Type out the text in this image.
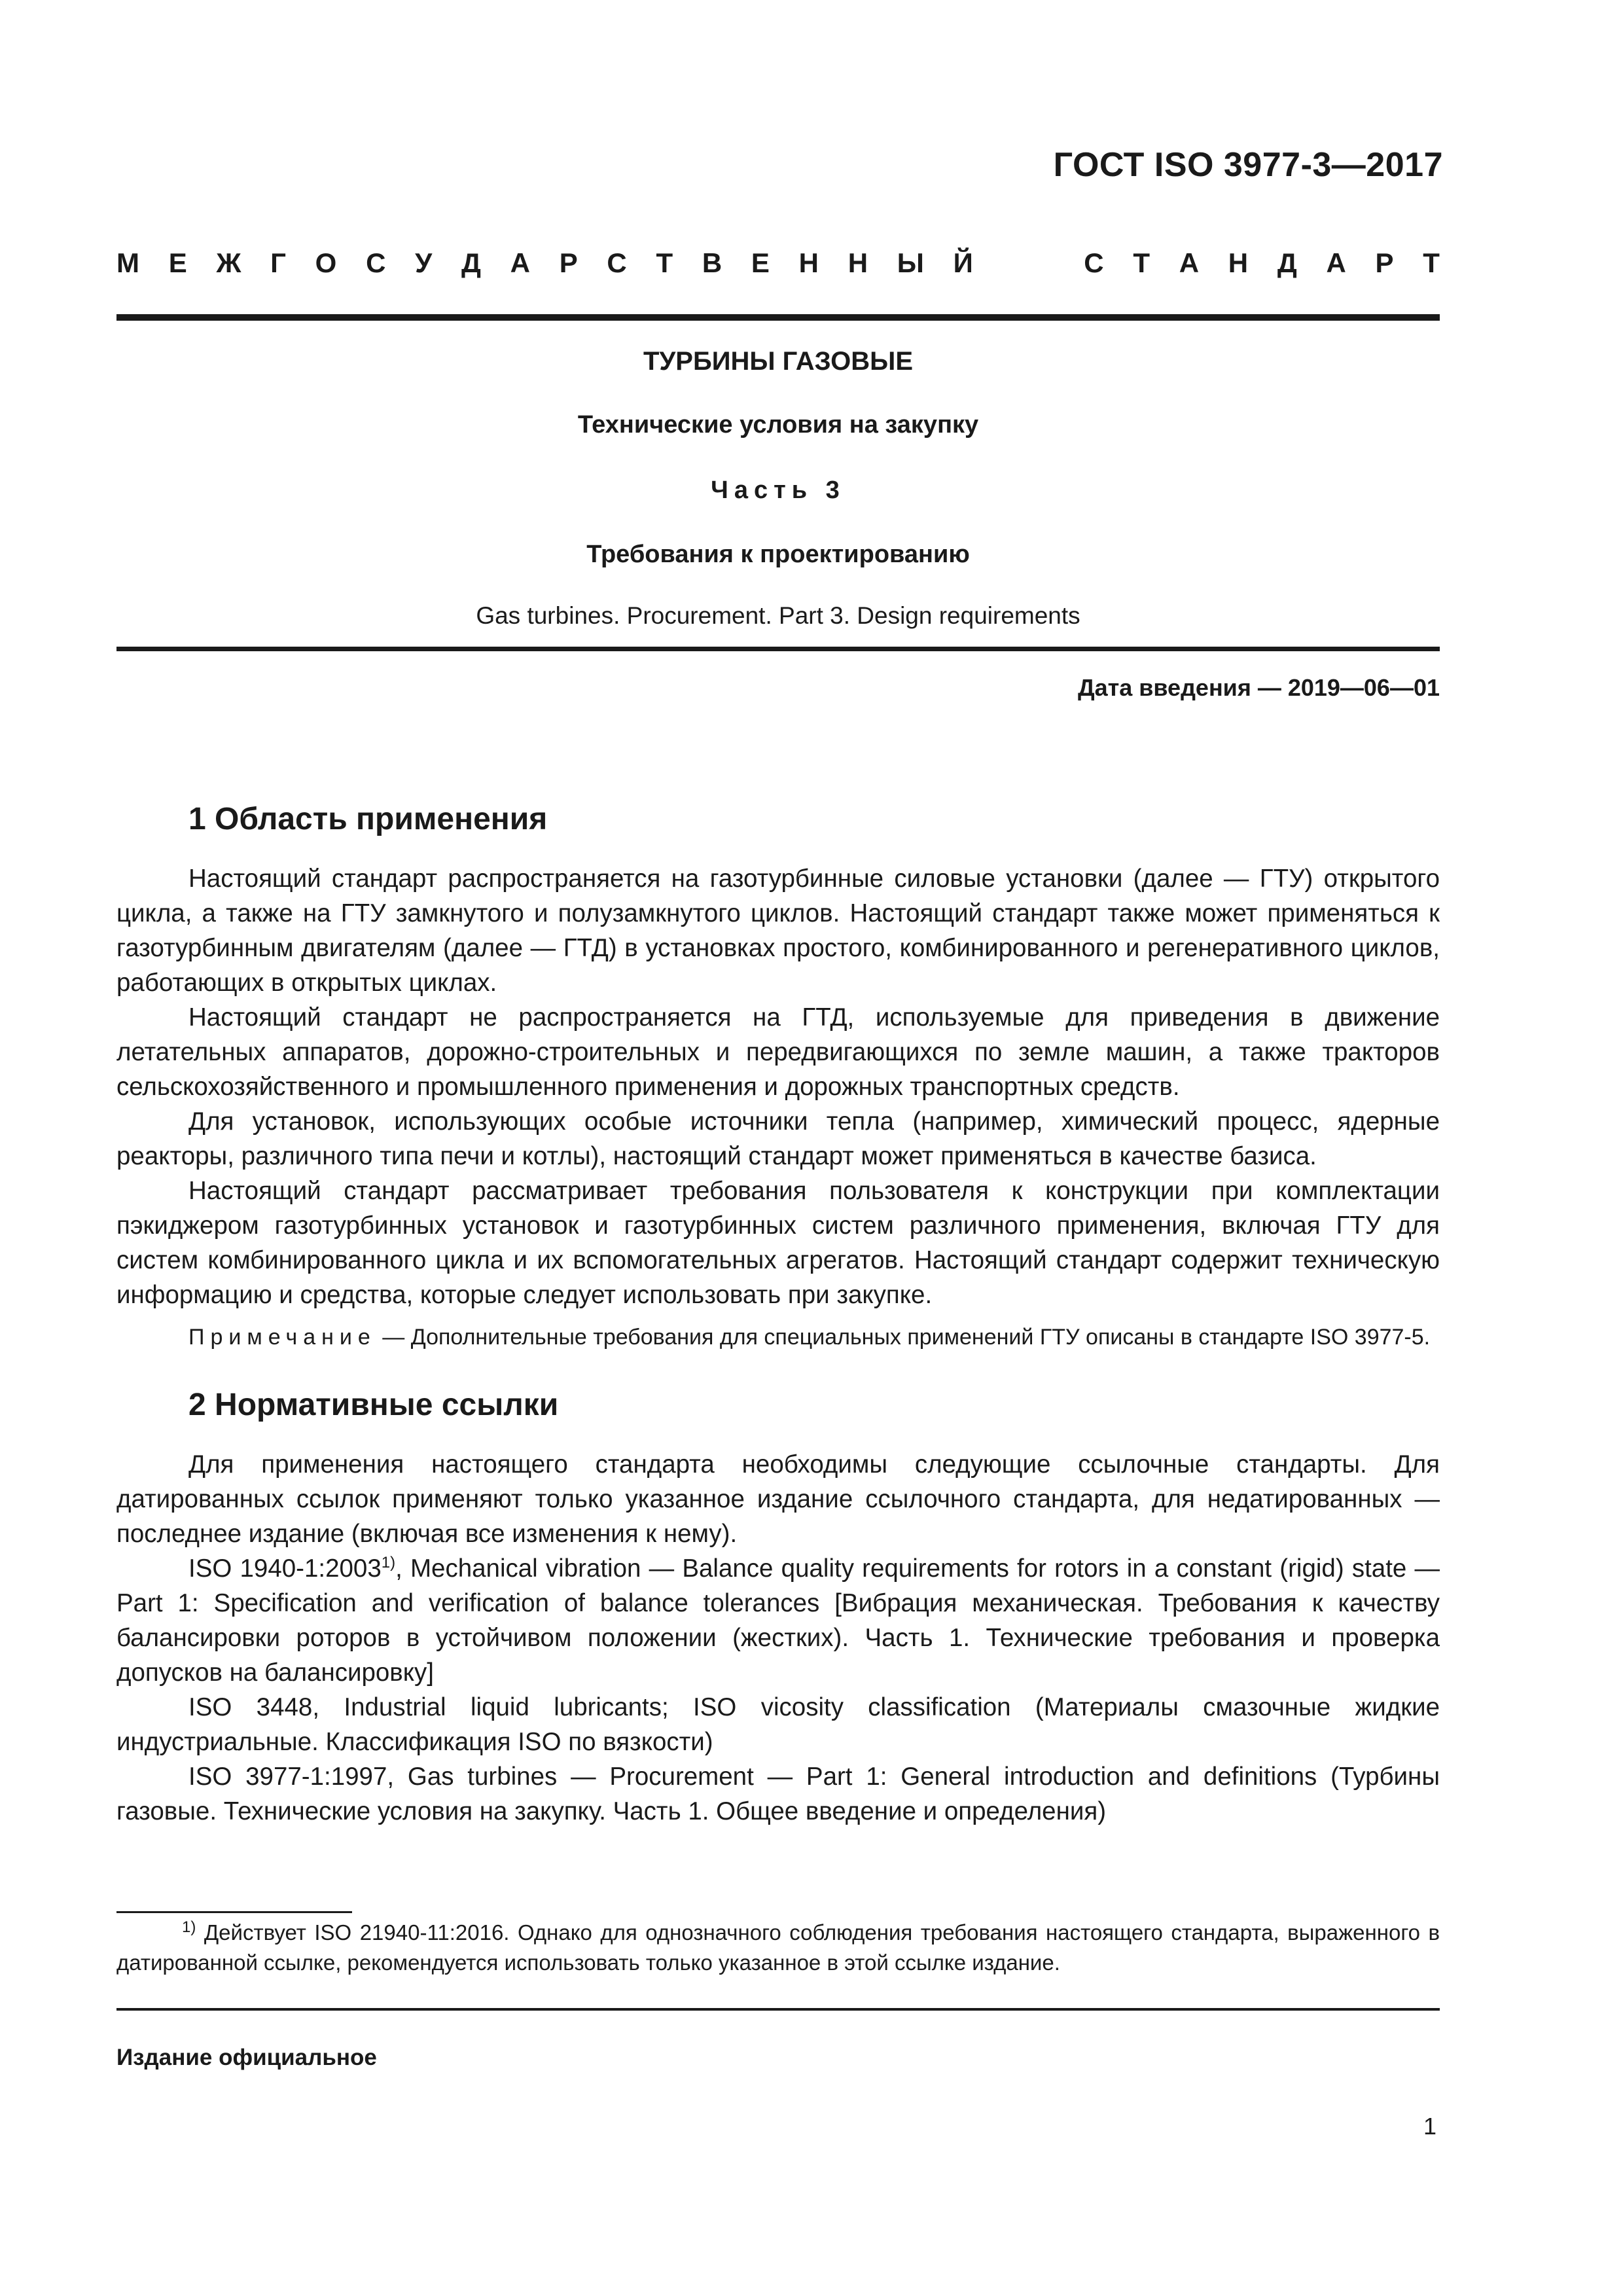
ГОСТ ISO 3977-3—2017
М Е Ж Г О С У Д А Р С Т В Е Н Н Ы Й	С Т А Н Д А Р Т
ТУРБИНЫ ГАЗОВЫЕ
Технические условия на закупку
Часть 3
Требования к проектированию
Gas turbines. Procurement. Part 3. Design requirements
Дата введения — 2019—06—01
1 Область применения

Настоящий стандарт распространяется на газотурбинные силовые установки (далее — ГТУ) открытого цикла, а также на ГТУ замкнутого и полузамкнутого циклов. Настоящий стандарт также может применяться к газотурбинным двигателям (далее — ГТД) в установках простого, комбинированного и регенеративного циклов, работающих в открытых циклах.

Настоящий стандарт не распространяется на ГТД, используемые для приведения в движение летательных аппаратов, дорожно-строительных и передвигающихся по земле машин, а также тракторов сельскохозяйственного и промышленного применения и дорожных транспортных средств.

Для установок, использующих особые источники тепла (например, химический процесс, ядерные реакторы, различного типа печи и котлы), настоящий стандарт может применяться в качестве базиса.

Настоящий стандарт рассматривает требования пользователя к конструкции при комплектации пэкиджером газотурбинных установок и газотурбинных систем различного применения, включая ГТУ для систем комбинированного цикла и их вспомогательных агрегатов. Настоящий стандарт содержит техническую информацию и средства, которые следует использовать при закупке.

Примечание — Дополнительные требования для специальных применений ГТУ описаны в стандарте ISO 3977-5.

2 Нормативные ссылки

Для применения настоящего стандарта необходимы следующие ссылочные стандарты. Для датированных ссылок применяют только указанное издание ссылочного стандарта, для недатированных — последнее издание (включая все изменения к нему).

ISO 1940-1:2003$^{1)}$, Mechanical vibration — Balance quality requirements for rotors in a constant (rigid) state — Part 1: Specification and verification of balance tolerances [Вибрация механическая. Требования к качеству балансировки роторов в устойчивом положении (жестких). Часть 1. Технические требования и проверка допусков на балансировку]

ISO 3448, Industrial liquid lubricants; ISO vicosity classification (Материалы смазочные жидкие индустриальные. Классификация ISO по вязкости)

ISO 3977-1:1997, Gas turbines — Procurement — Part 1: General introduction and definitions (Турбины газовые. Технические условия на закупку. Часть 1. Общее введение и определения)

$^{1)}$ Действует ISO 21940-11:2016. Однако для однозначного соблюдения требования настоящего стандарта, выраженного в датированной ссылке, рекомендуется использовать только указанное в этой ссылке издание.
Издание официальное
1
